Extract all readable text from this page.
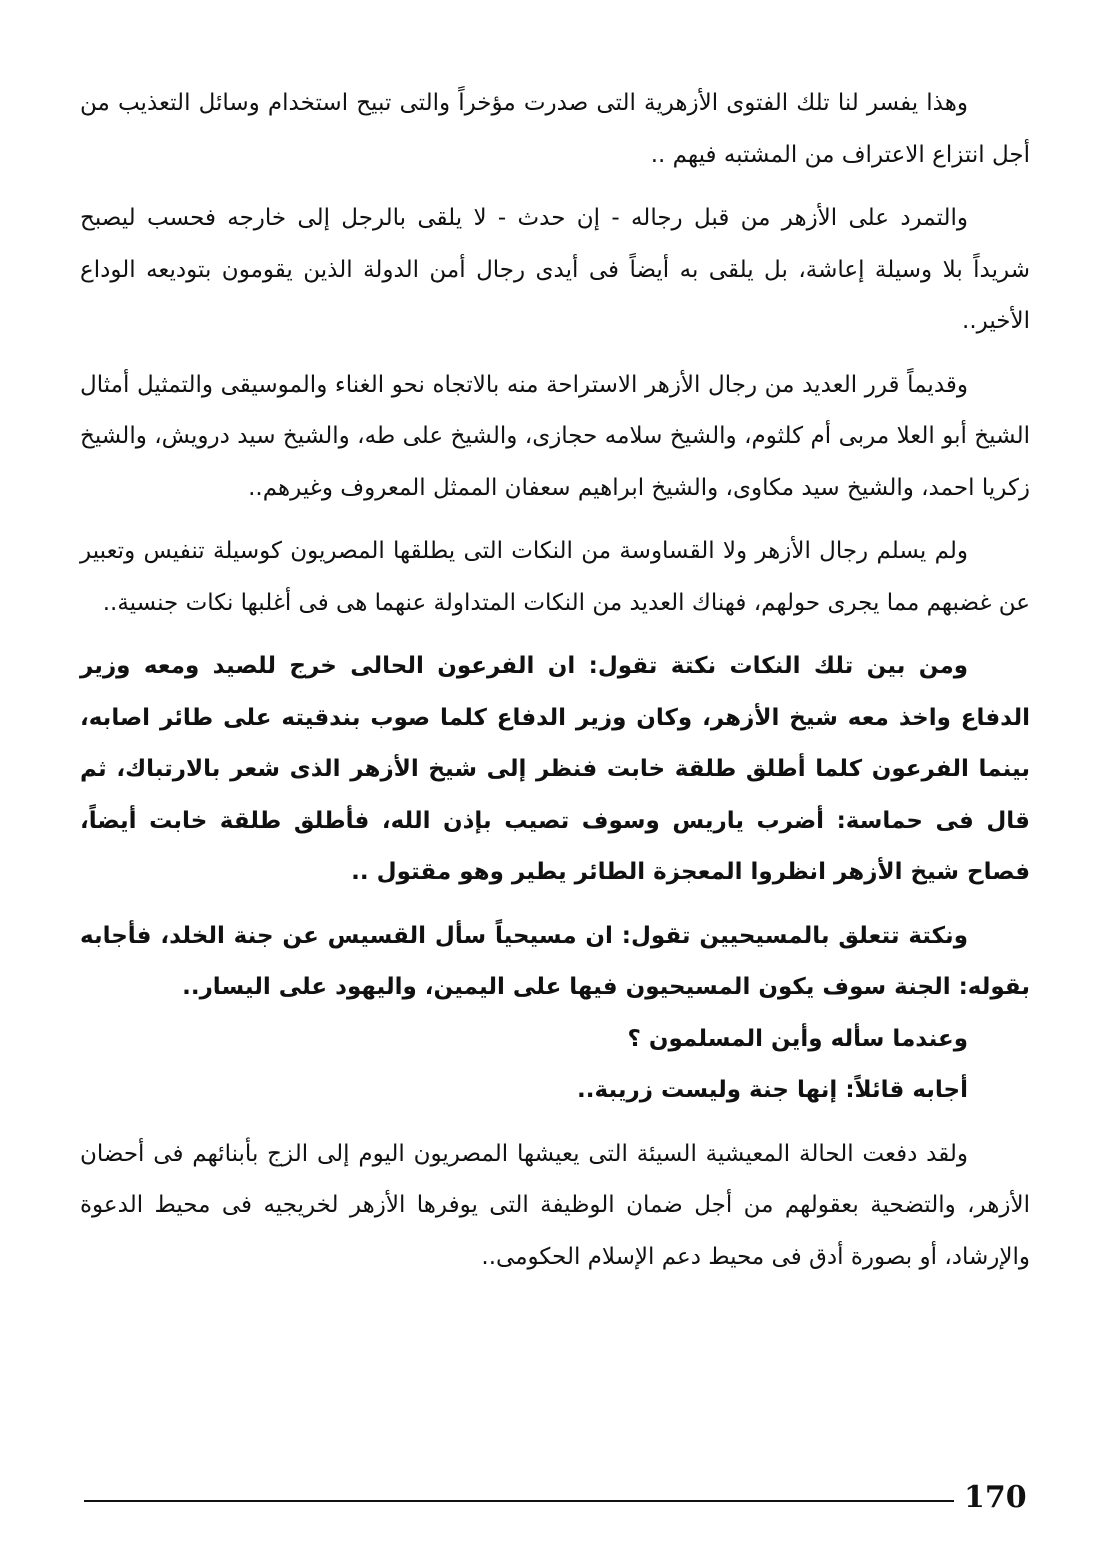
وهذا يفسر لنا تلك الفتوى الأزهرية التى صدرت مؤخراً والتى تبيح استخدام وسائل التعذيب من أجل انتزاع الاعتراف من المشتبه فيهم ..

والتمرد على الأزهر من قبل رجاله - إن حدث - لا يلقى بالرجل إلى خارجه فحسب ليصبح شريداً بلا وسيلة إعاشة، بل يلقى به أيضاً فى أيدى رجال أمن الدولة الذين يقومون بتوديعه الوداع الأخير..

وقديماً قرر العديد من رجال الأزهر الاستراحة منه بالاتجاه نحو الغناء والموسيقى والتمثيل أمثال الشيخ أبو العلا مربى أم كلثوم، والشيخ سلامه حجازى، والشيخ على طه، والشيخ سيد درويش، والشيخ زكريا احمد، والشيخ سيد مكاوى، والشيخ ابراهيم سعفان الممثل المعروف وغيرهم..

ولم يسلم رجال الأزهر ولا القساوسة من النكات التى يطلقها المصريون كوسيلة تنفيس وتعبير عن غضبهم مما يجرى حولهم، فهناك العديد من النكات المتداولة عنهما هى فى أغلبها نكات جنسية..

ومن بين تلك النكات نكتة تقول: ان الفرعون الحالى خرج للصيد ومعه وزير الدفاع واخذ معه شيخ الأزهر، وكان وزير الدفاع كلما صوب بندقيته على طائر اصابه، بينما الفرعون كلما أطلق طلقة خابت فنظر إلى شيخ الأزهر الذى شعر بالارتباك، ثم قال فى حماسة: أضرب ياريس وسوف تصيب بإذن الله، فأطلق طلقة خابت أيضاً، فصاح شيخ الأزهر انظروا المعجزة الطائر يطير وهو مقتول ..

ونكتة تتعلق بالمسيحيين تقول: ان مسيحياً سأل القسيس عن جنة الخلد، فأجابه بقوله: الجنة سوف يكون المسيحيون فيها على اليمين، واليهود على اليسار..

وعندما سأله وأين المسلمون ؟

أجابه قائلاً: إنها جنة وليست زريبة..

ولقد دفعت الحالة المعيشية السيئة التى يعيشها المصريون اليوم إلى الزج بأبنائهم فى أحضان الأزهر، والتضحية بعقولهم من أجل ضمان الوظيفة التى يوفرها الأزهر لخريجيه فى محيط الدعوة والإرشاد، أو بصورة أدق فى محيط دعم الإسلام الحكومى..

170
